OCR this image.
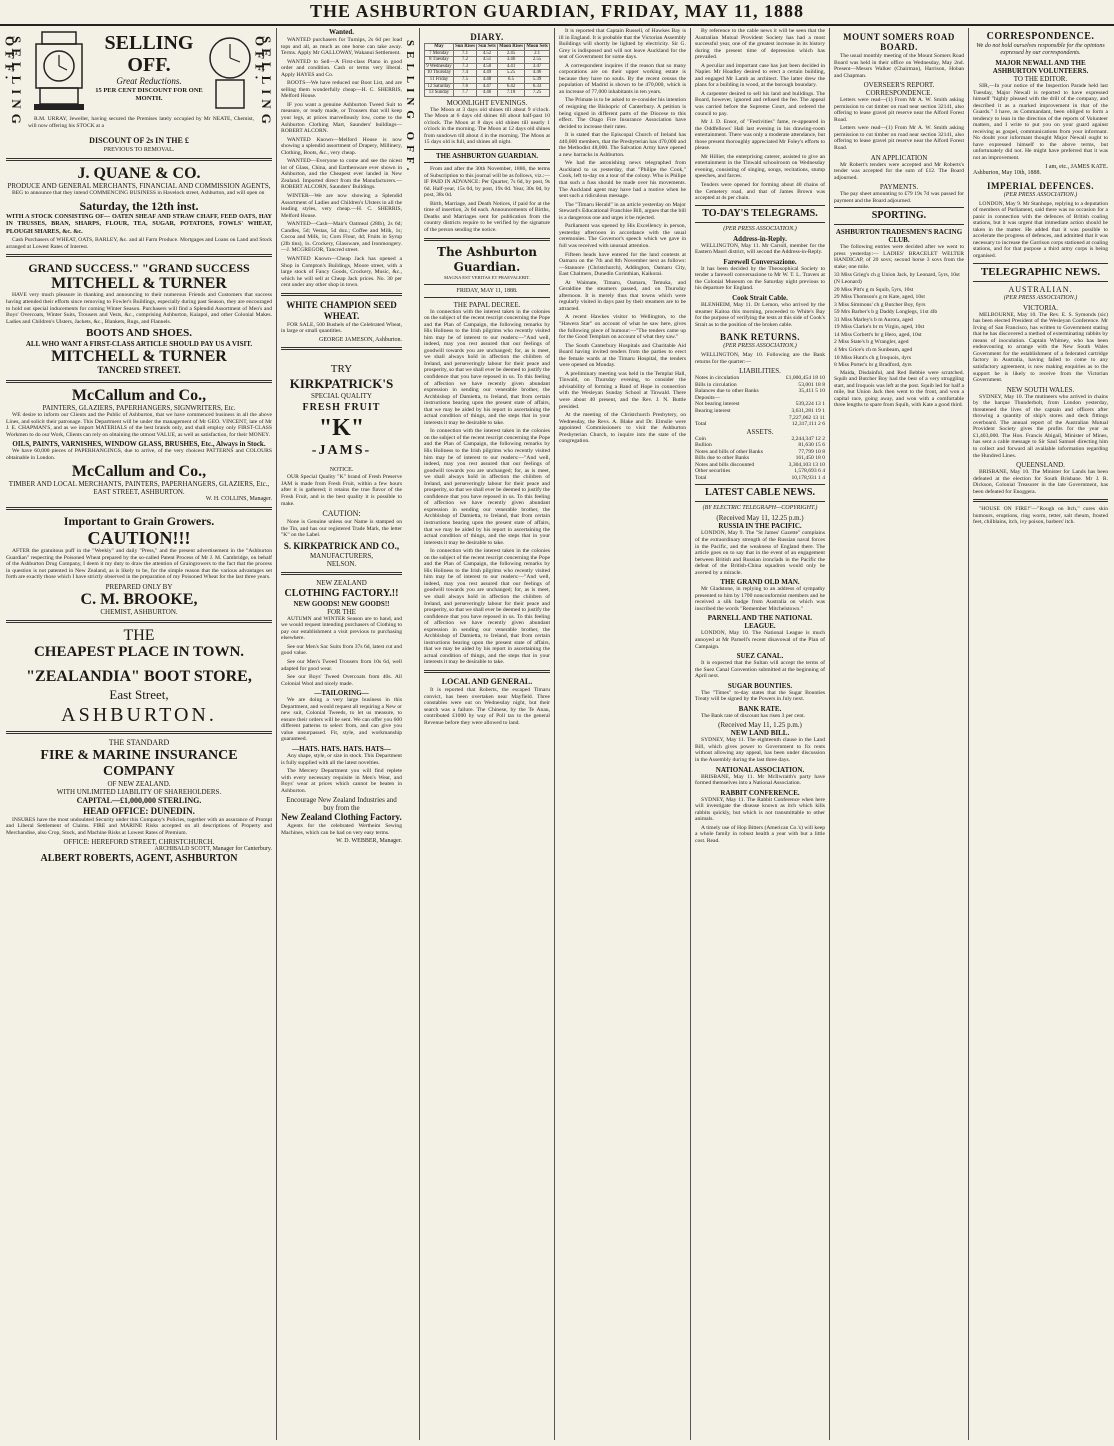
THE ASHBURTON GUARDIAN, FRIDAY, MAY 11, 1888
SELLING OFF.	SELLING OFF.
Great Reductions.
15 PER CENT DISCOUNT FOR ONE MONTH.	SELLING OFF.

R.M. URRAY, Jeweller, having secured the Premises lately occupied by Mr NEATE, Chemist, will now offering his STOCK at a

DISCOUNT OF 2s IN THE £
PREVIOUS TO REMOVAL.
J. QUANE & CO.
PRODUCE AND GENERAL MERCHANTS, FINANCIAL AND COMMISSION AGENTS,

BEG to announce that they intend COMMENCING BUSINESS in Havelock street, Ashburton, and will open on

Saturday, the 12th inst.

WITH A STOCK CONSISTING OF— OATEN SHEAF AND STRAW CHAFF, FEED OATS, HAY IN TRUSSES, BRAN, SHARPS, FLOUR, TEA, SUGAR, POTATOES, FOWLS' WHEAT, PLOUGH SHARES, &c. &c.

Cash Purchasers of WHEAT, OATS, BARLEY, &c. and all Farm Produce. Mortgages and Loans on Land and Stock arranged at Lowest Rates of Interest.

GRAND SUCCESS." "GRAND SUCCESS
MITCHELL & TURNER

HAVE very much pleasure in thanking and announcing to their numerous Friends and Customers that success having attended their efforts since removing to Fowler's Buildings, especially during past Season, they are encouraged to hold out special inducements for coming Winter Season. Purchasers will find a Splendid Assortment of Men's and Boys' Overcoats, Winter Suits, Trousers and Vests, &c., comprising Ashburton, Kaiapoi, and other Colonial Makes. Ladies and Children's Ulsters, Jackets, &c., Blankets, Rugs, and Flannels.

BOOTS AND SHOES.
ALL WHO WANT A FIRST-CLASS ARTICLE SHOULD PAY US A VISIT.
MITCHELL & TURNER
TANCRED STREET.
McCallum and Co.,
PAINTERS, GLAZIERS, PAPERHANGERS, SIGNWRITERS, Etc.

WE desire to inform our Clients and the Public of Ashburton, that we have commenced business in all the above Lines, and solicit their patronage. This Department will be under the management of Mr GEO. VINCENT, late of Mr J. E. CHAPMAN'S, and as we import MATERIALS of the best brands only, and shall employ only FIRST-CLASS Workmen to do our Work, Clients can rely on obtaining the utmost VALUE, as well as satisfaction, for their MONEY.

OILS, PAINTS, VARNISHES, WINDOW GLASS, BRUSHES, Etc., Always in Stock.

We have 60,000 pieces of PAPERHANGINGS, due to arrive, of the very choicest PATTERNS and COLOURS obtainable in London.

McCallum and Co.,
TIMBER AND LOCAL MERCHANTS, PAINTERS, PAPERHANGERS, GLAZIERS, Etc.,
EAST STREET, ASHBURTON.
W. H. COLLINS, Manager.
Important to Grain Growers.
CAUTION!!!

AFTER the gratuitous puff in the "Weekly" and daily "Press," and the present advertisement in the "Ashburton Guardian" respecting the Poisoned Wheat prepared by the so-called Patent Process of Mr J. M. Cambridge, on behalf of the Ashburton Drug Company, I deem it my duty to draw the attention of Graingrowers to the fact that the process in question is not patented in New Zealand, as is likely to be, for the simple reason that the various advantages set forth are exactly those which I have strictly observed in the preparation of my Poisoned Wheat for the last three years.

PREPARED ONLY BY
C. M. BROOKE,
CHEMIST, ASHBURTON.
THE
CHEAPEST PLACE IN TOWN.
"ZEALANDIA" BOOT STORE,
East Street,
ASHBURTON.
THE STANDARD
FIRE & MARINE INSURANCE COMPANY
OF NEW ZEALAND.
WITH UNLIMITED LIABILITY OF SHAREHOLDERS.
CAPITAL—£1,000,000 STERLING.
HEAD OFFICE: DUNEDIN.

INSURES have the most undoubted Security under this Company's Policies, together with an assurance of Prompt and Liberal Settlement of Claims. FIRE and MARINE Risks accepted on all descriptions of Property and Merchandise, also Crop, Stock, and Machine Risks at Lowest Rates of Premium.

OFFICE: HEREFORD STREET, CHRISTCHURCH.
ARCHIBALD SCOTT, Manager for Canterbury.
ALBERT ROBERTS, AGENT, ASHBURTON
Wanted.

WANTED purchasers for Turnips, 2s 6d per load tops and all, as much as one horse can take away. Terms. Apply Mr GALLOWAY, Wakanui Settlement.

WANTED to Sell—A First-class Plano in good order and condition. Cash or terms very liberal. Apply HAYES and Co.

BOOTS—We have reduced our Boot List, and are selling them wonderfully cheap—H. C. SHERRIS, Melford House.

IF you want a genuine Ashburton Tweed Suit to measure, or ready made, or Trousers that will keep your legs, at prices marvellously low, come to the Ashburton Clothing Mart, Saunders' buildings—ROBERT ALCORN.

WANTED Known—Melford House is now showing a splendid assortment of Drapery, Millinery, Clothing, Boots, &c., very cheap.

WANTED—Everyone to come and see the nicest lot of Glass, China, and Earthenware ever shown in Ashburton, and the Cheapest ever landed in New Zealand. Imported direct from the Manufacturers.—ROBERT ALCORN, Saunders' Buildings.

WINTER—We are now showing a Splendid Assortment of Ladies and Children's Ulsters in all the leading styles, very cheap.—H. C. SHERRIS, Melford House.

WANTED—Cash—Mair's Oatmeal (28lb), 2s 6d; Candles, 5d; Vestas, 5d doz.; Coffee and Milk, 1s; Cocoa and Milk, 1s; Corn Flour, 4d; Fruits in Syrup (2lb tins), 1s. Crockery, Glassware, and Ironmongery.—J. MCGREGOR, Tancred street.

WANTED Known—Cheap Jack has opened a Shop in Compton's Buildings, Moore street, with a large stock of Fancy Goods, Crockery, Music, &c., which he will sell at Cheap Jack prices. No. 30 per cent under any other shop in town.

WHITE CHAMPION SEED WHEAT.

FOR SALE, 500 Bushels of the Celebrated Wheat, in large or small quantities.

GEORGE JAMESON, Ashburton.
TRY
KIRKPATRICK'S
SPECIAL QUALITY
FRESH FRUIT
"K"
-JAMS-
NOTICE.

OUR Special Quality "K" brand of Fresh Preserve JAM is made from Fresh Fruit, within a few hours after it is gathered; it retains the true flavor of the Fresh Fruit, and is the best quality it is possible to make.

CAUTION:

None is Genuine unless our Name is stamped on the Tin, and has our registered Trade Mark, the letter "K" on the Label.

S. KIRKPATRICK AND CO.,
MANUFACTURERS,
NELSON.
NEW ZEALAND
CLOTHING FACTORY.!!
NEW GOODS! NEW GOODS!!
FOR THE

AUTUMN and WINTER Season are to hand, and we would request intending purchasers of Clothing to pay our establishment a visit previous to purchasing elsewhere.

See our Men's Sac Suits from 37s 6d, latest cut and good value.

See our Men's Tweed Trousers from 10s 6d, well adapted for good wear.

See our Boys' Tweed Overcoats from 40s. All Colonial Wool and nicely made.

—TAILORING—

We are doing a very large business in this Department, and would request all requiring a New or new suit, Colonial Tweeds, to let us measure, to ensure their orders will be sent. We can offer you 600 different patterns to select from, and can give you value unsurpassed. Fit, style, and workmanship guaranteed.

—HATS. HATS. HATS. HATS—

Any shape, style, or size in stock. This Department is fully supplied with all the latest novelties.

The Mercery Department you will find replete with every necessary requisite in Men's Wear, and Boys' wear at prices which cannot be beaten in Ashburton.

Encourage New Zealand Industries and buy from the
New Zealand Clothing Factory.

Agents for the celebrated Wertheim Sewing Machines, which can be had on very easy terms.

W. D. WEBBER, Manager.
SELLING OFF.
DIARY.
May	Sun Rises	Sun Sets	Moon Rises	Moon Sets
7 Monday	7.1	4.52	2.45	2.1
8 Tuesday	7.2	4.51	3.46	2.55
9 Wednesday	7.3	4.50	4.41	3.47
10 Thursday	7.4	4.49	5.25	4.46
11 Friday	7.5	4.48	6.5	5.39
12 Saturday	7.6	4.47	6.42	6.33
13 Sunday	7.7	4.46	7.18	7.25
MOONLIGHT EVENINGS.

The Moon at 3 days old shines till about 9 o'clock. The Moon at 6 days old shines till about half-past 10 o'clock. The Moon at 8 days old shines till nearly 1 o'clock in the morning. The Moon at 12 days old shines from sundown till about 4 in the morning. The Moon at 15 days old is full, and shines all night.

THE ASHBURTON GUARDIAN.

From and after the 30th November, 1886, the terms of Subscription to this journal will be as follows, viz.:— IF PAID IN ADVANCE: Per Quarter, 7s 6d, by post, 9s 6d. Half-year, 15s 0d, by post, 19s 0d. Year, 30s 0d, by post, 38s 0d.

Birth, Marriage, and Death Notices, if paid for at the time of insertion, 2s 6d each. Announcements of Births, Deaths and Marriages sent for publication from the country districts require to be verified by the signature of the person sending the notice.

The Ashburton Guardian.
MAGNA EST VERITAS ET PRAEVALEBIT.
FRIDAY, MAY 11, 1888.
THE PAPAL DECREE.

In connection with the interest taken in the colonies on the subject of the recent rescript concerning the Pope and the Plan of Campaign, the following remarks by His Holiness to the Irish pilgrims who recently visited him may be of interest to our readers:—"And well, indeed, may you rest assured that our feelings of goodwill towards you are unchanged; for, as is meet, we shall always hold in affection the children of Ireland, and perseveringly labour for their peace and prosperity, so that we shall ever be deemed to justify the confidence that you have reposed in us. To this feeling of affection we have recently given abundant expression in sending our venerable brother, the Archbishop of Damietta, to Ireland, that from certain instructions bearing upon the present state of affairs, that we may be aided by his report in ascertaining the actual condition of things, and the steps that in your interests it may be desirable to take.

In connection with the interest taken in the colonies on the subject of the recent rescript concerning the Pope and the Plan of Campaign, the following remarks by His Holiness to the Irish pilgrims who recently visited him may be of interest to our readers:—"And well, indeed, may you rest assured that our feelings of goodwill towards you are unchanged; for, as is meet, we shall always hold in affection the children of Ireland, and perseveringly labour for their peace and prosperity, so that we shall ever be deemed to justify the confidence that you have reposed in us. To this feeling of affection we have recently given abundant expression in sending our venerable brother, the Archbishop of Damietta, to Ireland, that from certain instructions bearing upon the present state of affairs, that we may be aided by his report in ascertaining the actual condition of things, and the steps that in your interests it may be desirable to take.

In connection with the interest taken in the colonies on the subject of the recent rescript concerning the Pope and the Plan of Campaign, the following remarks by His Holiness to the Irish pilgrims who recently visited him may be of interest to our readers:—"And well, indeed, may you rest assured that our feelings of goodwill towards you are unchanged; for, as is meet, we shall always hold in affection the children of Ireland, and perseveringly labour for their peace and prosperity, so that we shall ever be deemed to justify the confidence that you have reposed in us. To this feeling of affection we have recently given abundant expression in sending our venerable brother, the Archbishop of Damietta, to Ireland, that from certain instructions bearing upon the present state of affairs, that we may be aided by his report in ascertaining the actual condition of things, and the steps that in your interests it may be desirable to take.

LOCAL AND GENERAL.

It is reported that Roberts, the escaped Timaru convict, has been overtaken near Mayfield. Three constables were out on Wednesday night, but their search was a failure. The Chinese, by the Te Anau, contributed £1000 by way of Poll tax to the general Revenue before they were allowed to land.

It is reported that Captain Russell, of Hawkes Bay is ill in England. It is probable that the Victorian Assembly Buildings will shortly be lighted by electricity. Sir G. Grey is indisposed and will not leave Auckland for the seat of Government for some days.

A correspondent inquires if the reason that so many corporations are on their upper working estate is because they have no souls. By the recent census the population of Madrid is shown to be 470,000, which is an increase of 77,000 inhabitants in ten years.

The Primate is to be asked to re-consider his intention of resigning the Bishopric of Canterbury. A petition is being signed in different parts of the Diocese to this effect. The Otago Fire Insurance Association have decided to increase their rates.

It is stated that the Episcopal Church of Ireland has 440,000 members, that the Presbyterian has 470,000 and the Methodist 48,000. The Salvation Army have opened a new barracks in Ashburton.

We had the astonishing news telegraphed from Auckland to us yesterday, that "Philipe the Cook," Cook, left to-day on a tour of the colony. Who is Philipe that such a fuss should be made over his movements. The Auckland agent may have had a motive when he sent such a ridiculous message.

The "Timaru Herald" in an article yesterday on Major Steward's Educational Franchise Bill, argues that the bill is a dangerous one and urges it be rejected.

Parliament was opened by His Excellency in person, yesterday afternoon in accordance with the usual ceremonies. The Governor's speech which we gave in full was received with unusual attention.

Fifteen heads have entered for the land contests at Oamaru on the 7th and 8th November next as follows:—Stannore (Christchurch), Addington, Oamaru City, East Chalmers, Dunedin Corinthian, Kaikorai.

At Waimate, Timaru, Oamaru, Temuka, and Geraldine the steamers passed, and on Thursday afternoon. It is merely thus that towns which were regularly visited in days past by their steamers are to be attracted.

A recent Hawkes visitor to Wellington, to the "Hawera Star" on account of what he saw here, gives the following piece of humour:—"The tenders came up for the Good Templars on account of what they saw."

The South Canterbury Hospitals and Charitable Aid Board having invited tenders from the parties to erect the female wards at the Timaru Hospital, the tenders were opened on Monday.

A preliminary meeting was held in the Templar Hall, Tinwald, on Thursday evening, to consider the advisability of forming a Band of Hope in connection with the Wesleyan Sunday School at Tinwald. There were about 40 present, and the Rev. J. N. Buttle presided.

At the meeting of the Christchurch Presbytery, on Wednesday, the Revs. A. Blake and Dr. Elmslie were appointed Commissioners to visit the Ashburton Presbyterian Church, to inquire into the state of the congregation.

By reference to the cable news it will be seen that the Australian Mutual Provident Society has had a most successful year, one of the greatest increase in its history during the present time of depression which has prevailed.

A peculiar and important case has just been decided in Napier. Mr Hoadley desired to erect a certain building, and engaged Mr Lamb as architect. The latter drew the plans for a building in wood, at the borough boundary.

A carpenter desired to sell his land and buildings. The Board, however, ignored and refused the fee. The appeal was carried before the Supreme Court, and ordered the council to pay.

Mr J. D. Ensor, of "Festivities" fame, re-appeared in the Oddfellows' Hall last evening in his drawing-room entertainment. There was only a moderate attendance, but those present thoroughly appreciated Mr Foley's efforts to please.

Mr Hillier, the enterprising caterer, assisted to give an entertainment in the Tinwald schoolroom on Wednesday evening, consisting of singing, songs, recitations, stump speeches, and farces.

Tenders were opened for forming about 40 chains of the Cemetery road, and that of James Brown was accepted at 4s per chain.

TO-DAY'S TELEGRAMS.
(PER PRESS ASSOCIATION.)
Address-in-Reply.

WELLINGTON, May 11. Mr Carroll, member for the Eastern Maori district, will second the Address-in-Reply.

Farewell Conversazione.

It has been decided by the Theosophical Society to tender a farewell conversazione to Mr W. T. L. Travers at the Colonial Museum on the Saturday night previous to his departure for England.

Cook Strait Cable.

BLENHEIM, May 11. Dr Lemon, who arrived by the steamer Kaitoa this morning, proceeded to White's Bay for the purpose of verifying the tests at this side of Cook's Strait as to the position of the broken cable.

BANK RETURNS.
(PER PRESS ASSOCIATION.)

WELLINGTON, May 10. Following are the Bank returns for the quarter:—

LIABILITIES.
Notes in circulation	£1,000,454 18 10
Bills in circulation	53,001 18 8
Balances due to other Banks	35,411 5 10
Deposits—
Not bearing interest	539,224 13 1
Bearing interest	3,631,281 19 1
7,227,062 13 11
Total	12,317,111 2 6
ASSETS.
Coin	2,244,347 12 2
Bullion	81,630 15 6
Notes and bills of other Banks	77,799 10 8
Bills due to other Banks	161,450 18 0
Notes and bills discounted	3,304,103 13 10
Other securities	1,578,693 6 4
Total	10,178,931 1 4
LATEST CABLE NEWS.
(BY ELECTRIC TELEGRAPH—COPYRIGHT.)
(Received May 11, 12.25 p.m.)
RUSSIA IN THE PACIFIC.

LONDON, May 9. The "St James' Gazette" complains of the extraordinary strength of the Russian naval forces in the Pacific, and the weakness of England there. The article goes on to say that in the event of an engagement between British and Russian ironclads in the Pacific the defeat of the British-China squadron would only be averted by a miracle.

THE GRAND OLD MAN.

Mr Gladstone, in replying to an address of sympathy presented to him by 1700 nonconformist members and he received a silk badge from Australia on which was inscribed the words "Remember Mitchelstown."

PARNELL AND THE NATIONAL LEAGUE.

LONDON, May 10. The National League is much annoyed at Mr Parnell's recent disavowal of the Plan of Campaign.

SUEZ CANAL.

It is expected that the Sultan will accept the terms of the Suez Canal Convention submitted at the beginning of April next.

SUGAR BOUNTIES.

The "Times" to-day states that the Sugar Bounties Treaty will be signed by the Powers in July next.

BANK RATE.

The Bank rate of discount has risen 3 per cent.

(Received May 11, 1.25 p.m.)
NEW LAND BILL.

SYDNEY, May 11. The eighteenth clause in the Land Bill, which gives power to Government to fix rents without allowing any appeal, has been under discussion in the Assembly during the last three days.

NATIONAL ASSOCIATION.

BRISBANE, May 11. Mr McIlwraith's party have formed themselves into a National Association.

RABBIT CONFERENCE.

SYDNEY, May 11. The Rabbit Conference when here will investigate the disease known as itch which kills rabbits quickly, but which is not transmittable to other animals.

A timely use of Hop Bitters (American Co.'s) will keep a whole family in robust health a year with but a little cost. Read.

MOUNT SOMERS ROAD BOARD.

The usual monthly meeting of the Mount Somers Road Board was held in their office on Wednesday, May 2nd. Present—Messrs Walker (Chairman), Harrison, Hoban and Chapman.

OVERSEER'S REPORT.
CORRESPONDENCE.

Letters were read—(1) From Mr A. W. Smith asking permission to cut timber on road near section 32141, also offering to lease gravel pit reserve near the Alford Forest Road.

Letters were read—(1) From Mr A. W. Smith asking permission to cut timber on road near section 32141, also offering to lease gravel pit reserve near the Alford Forest Road.

AN APPLICATION

Mr Robert's tenders were accepted and Mr Roberts's tender was accepted for the sum of £12. The Board adjourned.

PAYMENTS.

The pay sheet amounting to £79 19s 7d was passed for payment and the Board adjourned.

SPORTING.
ASHBURTON TRADESMEN'S RACING CLUB.

The following entries were decided after we went to press yesterday:— LADIES' BRACELET WELTER HANDICAP, of 20 sovs; second horse 3 sovs from the stake; one mile.

33 Miss Grieg's ch g Union Jack, by Leonard, 5yrs, 10st (N Leonard)
20 Miss Pitt's g m Squib, 5yrs, 10st
29 Miss Thomson's g m Kate, aged, 10st
3 Miss Simmons' ch g Butcher Boy, 6yrs
59 Mrs Barber's b g Daddy Longlegs, 11st 4lb
31 Miss Marley's b m Aurora, aged
19 Miss Clarke's br m Virgin, aged, 10st
14 Miss Corbett's br g Hero, aged, 10st
2 Miss State's b g Wrangler, aged
4 Mrs Grice's ch m Sunbeam, aged
10 Miss Hunt's ch g Iroquois, 4yrs
8 Miss Porter's br g Bradford, 4yrs

Maida, Disdainful, and Red Bebbie were scratched. Squib and Butcher Boy had the best of a very struggling start, and Iroquois was left at the post. Squib led for half a mile, but Union Jack then went to the front, and won a capital race, going away, and won with a comfortable three lengths to spare from Squib, with Kate a good third.

CORRESPONDENCE.
We do not hold ourselves responsible for the opinions expressed by our correspondents.
MAJOR NEWALL AND THE ASHBURTON VOLUNTEERS.
TO THE EDITOR.

SIR,—In your notice of the Inspection Parade held last Tuesday, Major Newall is reported to have expressed himself "highly pleased with the drill of the company, and described it as a marked improvement in that of the Guards." I have, as Commandant, been obliged to form a tendency to lean in the direction of the reports of Volunteer matters, and I write to put you on your guard against receiving as gospel, communications from your informant. No doubt your informant thought Major Newall ought to have expressed himself to the above terms, but unfortunately did not. He might have preferred that it was not an improvement.

I am, etc., JAMES KATE.
Ashburton, May 10th, 1888.
IMPERIAL DEFENCES.
(PER PRESS ASSOCIATION.)

LONDON, May 9. Mr Stanhope, replying to a deputation of members of Parliament, said there was no occasion for a panic in connection with the defences of British coaling stations, but it was urgent that immediate action should be taken in the matter. He added that it was possible to accelerate the progress of defences, and admitted that it was necessary to increase the Garrison corps stationed at coaling stations, and for that purpose a third army corps is being organised.

TELEGRAPHIC NEWS.
AUSTRALIAN.
(PER PRESS ASSOCIATION.)
VICTORIA.

MELBOURNE, May 10. The Rev. E. S. Symonds (sic) has been elected President of the Wesleyan Conference. Mr Irving of San Francisco, has written to Government stating that he has discovered a method of exterminating rabbits by means of inoculation. Captain Whitney, who has been endeavouring to arrange with the New South Wales Government for the establishment of a federated cartridge factory in Australia, having failed to come to any satisfactory agreement, is now making enquiries as to the support he is likely to receive from the Victorian Government.

NEW SOUTH WALES.

SYDNEY, May 10. The mutineers who arrived in chains by the barque Thunderbolt, from London yesterday, threatened the lives of the captain and officers after throwing a quantity of ship's stores and deck fittings overboard. The annual report of the Australian Mutual Provident Society gives the profits for the year as £1,403,000. The Hon. Francis Abigail, Minister of Mines, has sent a cable message to Sir Saul Samuel directing him to collect and forward all available information regarding the Hundred Lines.

QUEENSLAND.

BRISBANE, May 10. The Minister for Lands has been defeated at the election for South Brisbane. Mr J. R. Dickson, Colonial Treasurer in the late Government, has been defeated for Enoggera.

"HOUSE ON FIRE!"—"Rough on Itch," cures skin humours, eruptions, ring worm, tetter, salt rheum, frosted feet, chilblains, itch, ivy poison, barbers' itch.
